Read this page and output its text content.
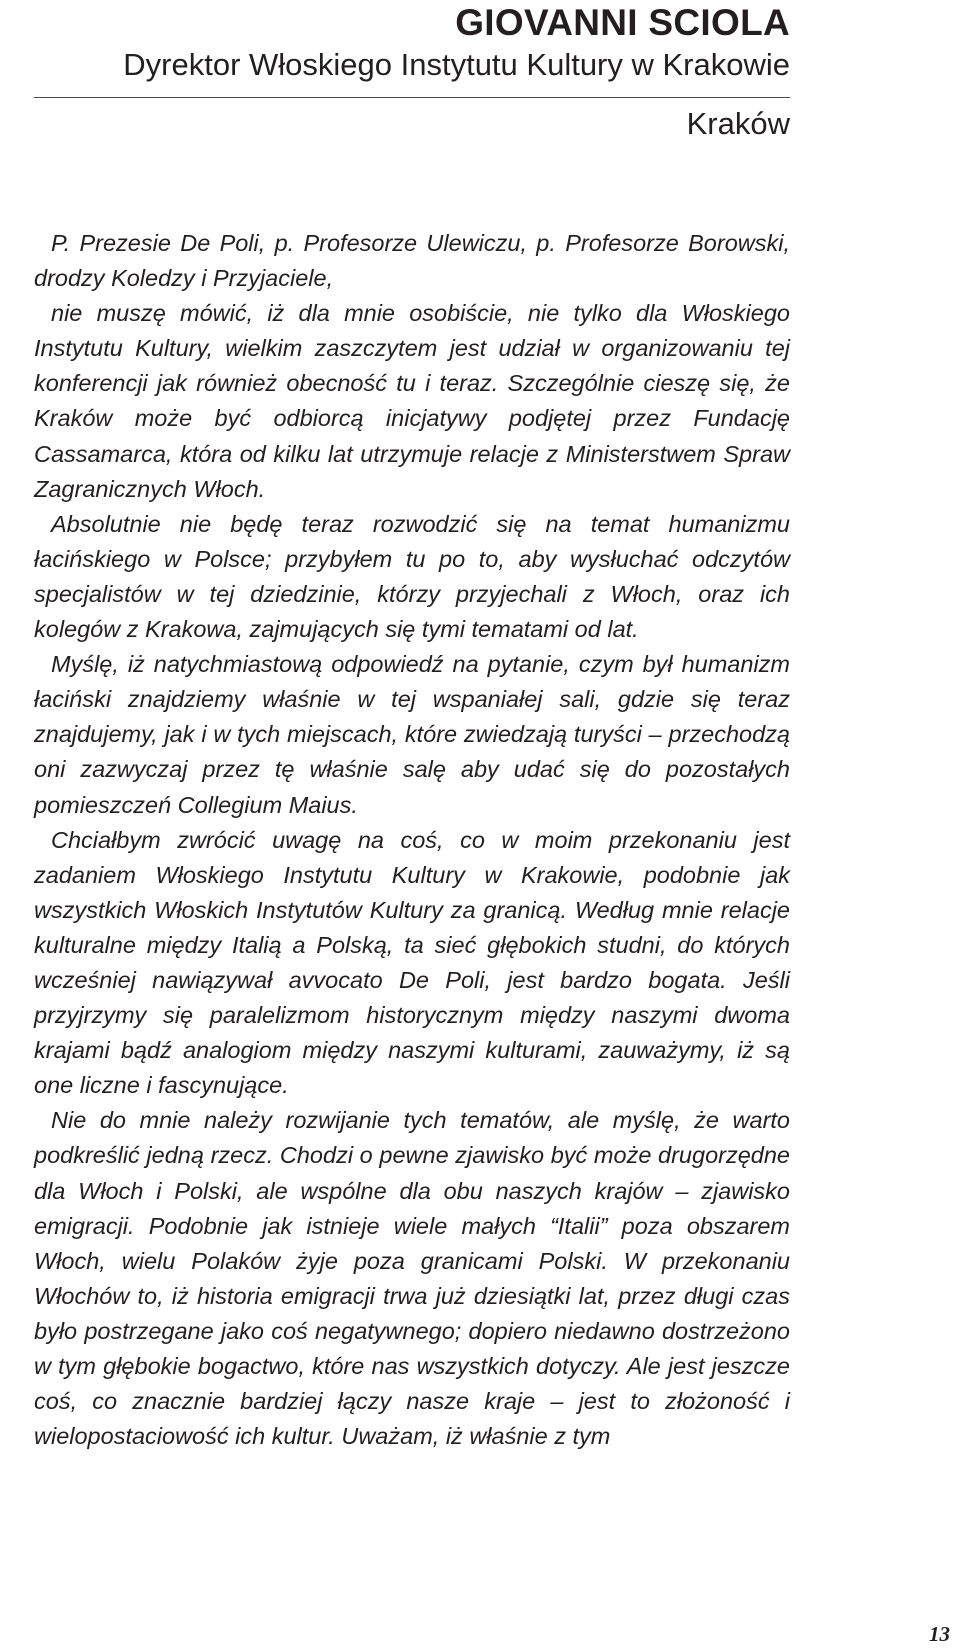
GIOVANNI SCIOLA
Dyrektor Włoskiego Instytutu Kultury w Krakowie
Kraków

P. Prezesie De Poli, p. Profesorze Ulewiczu, p. Profesorze Borowski, drodzy Koledzy i Przyjaciele,

nie muszę mówić, iż dla mnie osobiście, nie tylko dla Włoskiego Instytutu Kultury, wielkim zaszczytem jest udział w organizowaniu tej konferencji jak również obecność tu i teraz. Szczególnie cieszę się, że Kraków może być odbiorcą inicjatywy podjętej przez Fundację Cassamarca, która od kilku lat utrzymuje relacje z Ministerstwem Spraw Zagranicznych Włoch.

Absolutnie nie będę teraz rozwodzić się na temat humanizmu łacińskiego w Polsce; przybyłem tu po to, aby wysłuchać odczytów specjalistów w tej dziedzinie, którzy przyjechali z Włoch, oraz ich kolegów z Krakowa, zajmujących się tymi tematami od lat.

Myślę, iż natychmiastową odpowiedź na pytanie, czym był humanizm łaciński znajdziemy właśnie w tej wspaniałej sali, gdzie się teraz znajdujemy, jak i w tych miejscach, które zwiedzają turyści – przechodzą oni zazwyczaj przez tę właśnie salę aby udać się do pozostałych pomieszczeń Collegium Maius.

Chciałbym zwrócić uwagę na coś, co w moim przekonaniu jest zadaniem Włoskiego Instytutu Kultury w Krakowie, podobnie jak wszystkich Włoskich Instytutów Kultury za granicą. Według mnie relacje kulturalne między Italią a Polską, ta sieć głębokich studni, do których wcześniej nawiązywał avvocato De Poli, jest bardzo bogata. Jeśli przyjrzymy się paralelizmom historycznym między naszymi dwoma krajami bądź analogiom między naszymi kulturami, zauważymy, iż są one liczne i fascynujące.

Nie do mnie należy rozwijanie tych tematów, ale myślę, że warto podkreślić jedną rzecz. Chodzi o pewne zjawisko być może drugorzędne dla Włoch i Polski, ale wspólne dla obu naszych krajów – zjawisko emigracji. Podobnie jak istnieje wiele małych “Italii” poza obszarem Włoch, wielu Polaków żyje poza granicami Polski. W przekonaniu Włochów to, iż historia emigracji trwa już dziesiątki lat, przez długi czas było postrzegane jako coś negatywnego; dopiero niedawno dostrzeżono w tym głębokie bogactwo, które nas wszystkich dotyczy. Ale jest jeszcze coś, co znacznie bardziej łączy nasze kraje – jest to złożoność i wielopostaciowość ich kultur. Uważam, iż właśnie z tym

13
